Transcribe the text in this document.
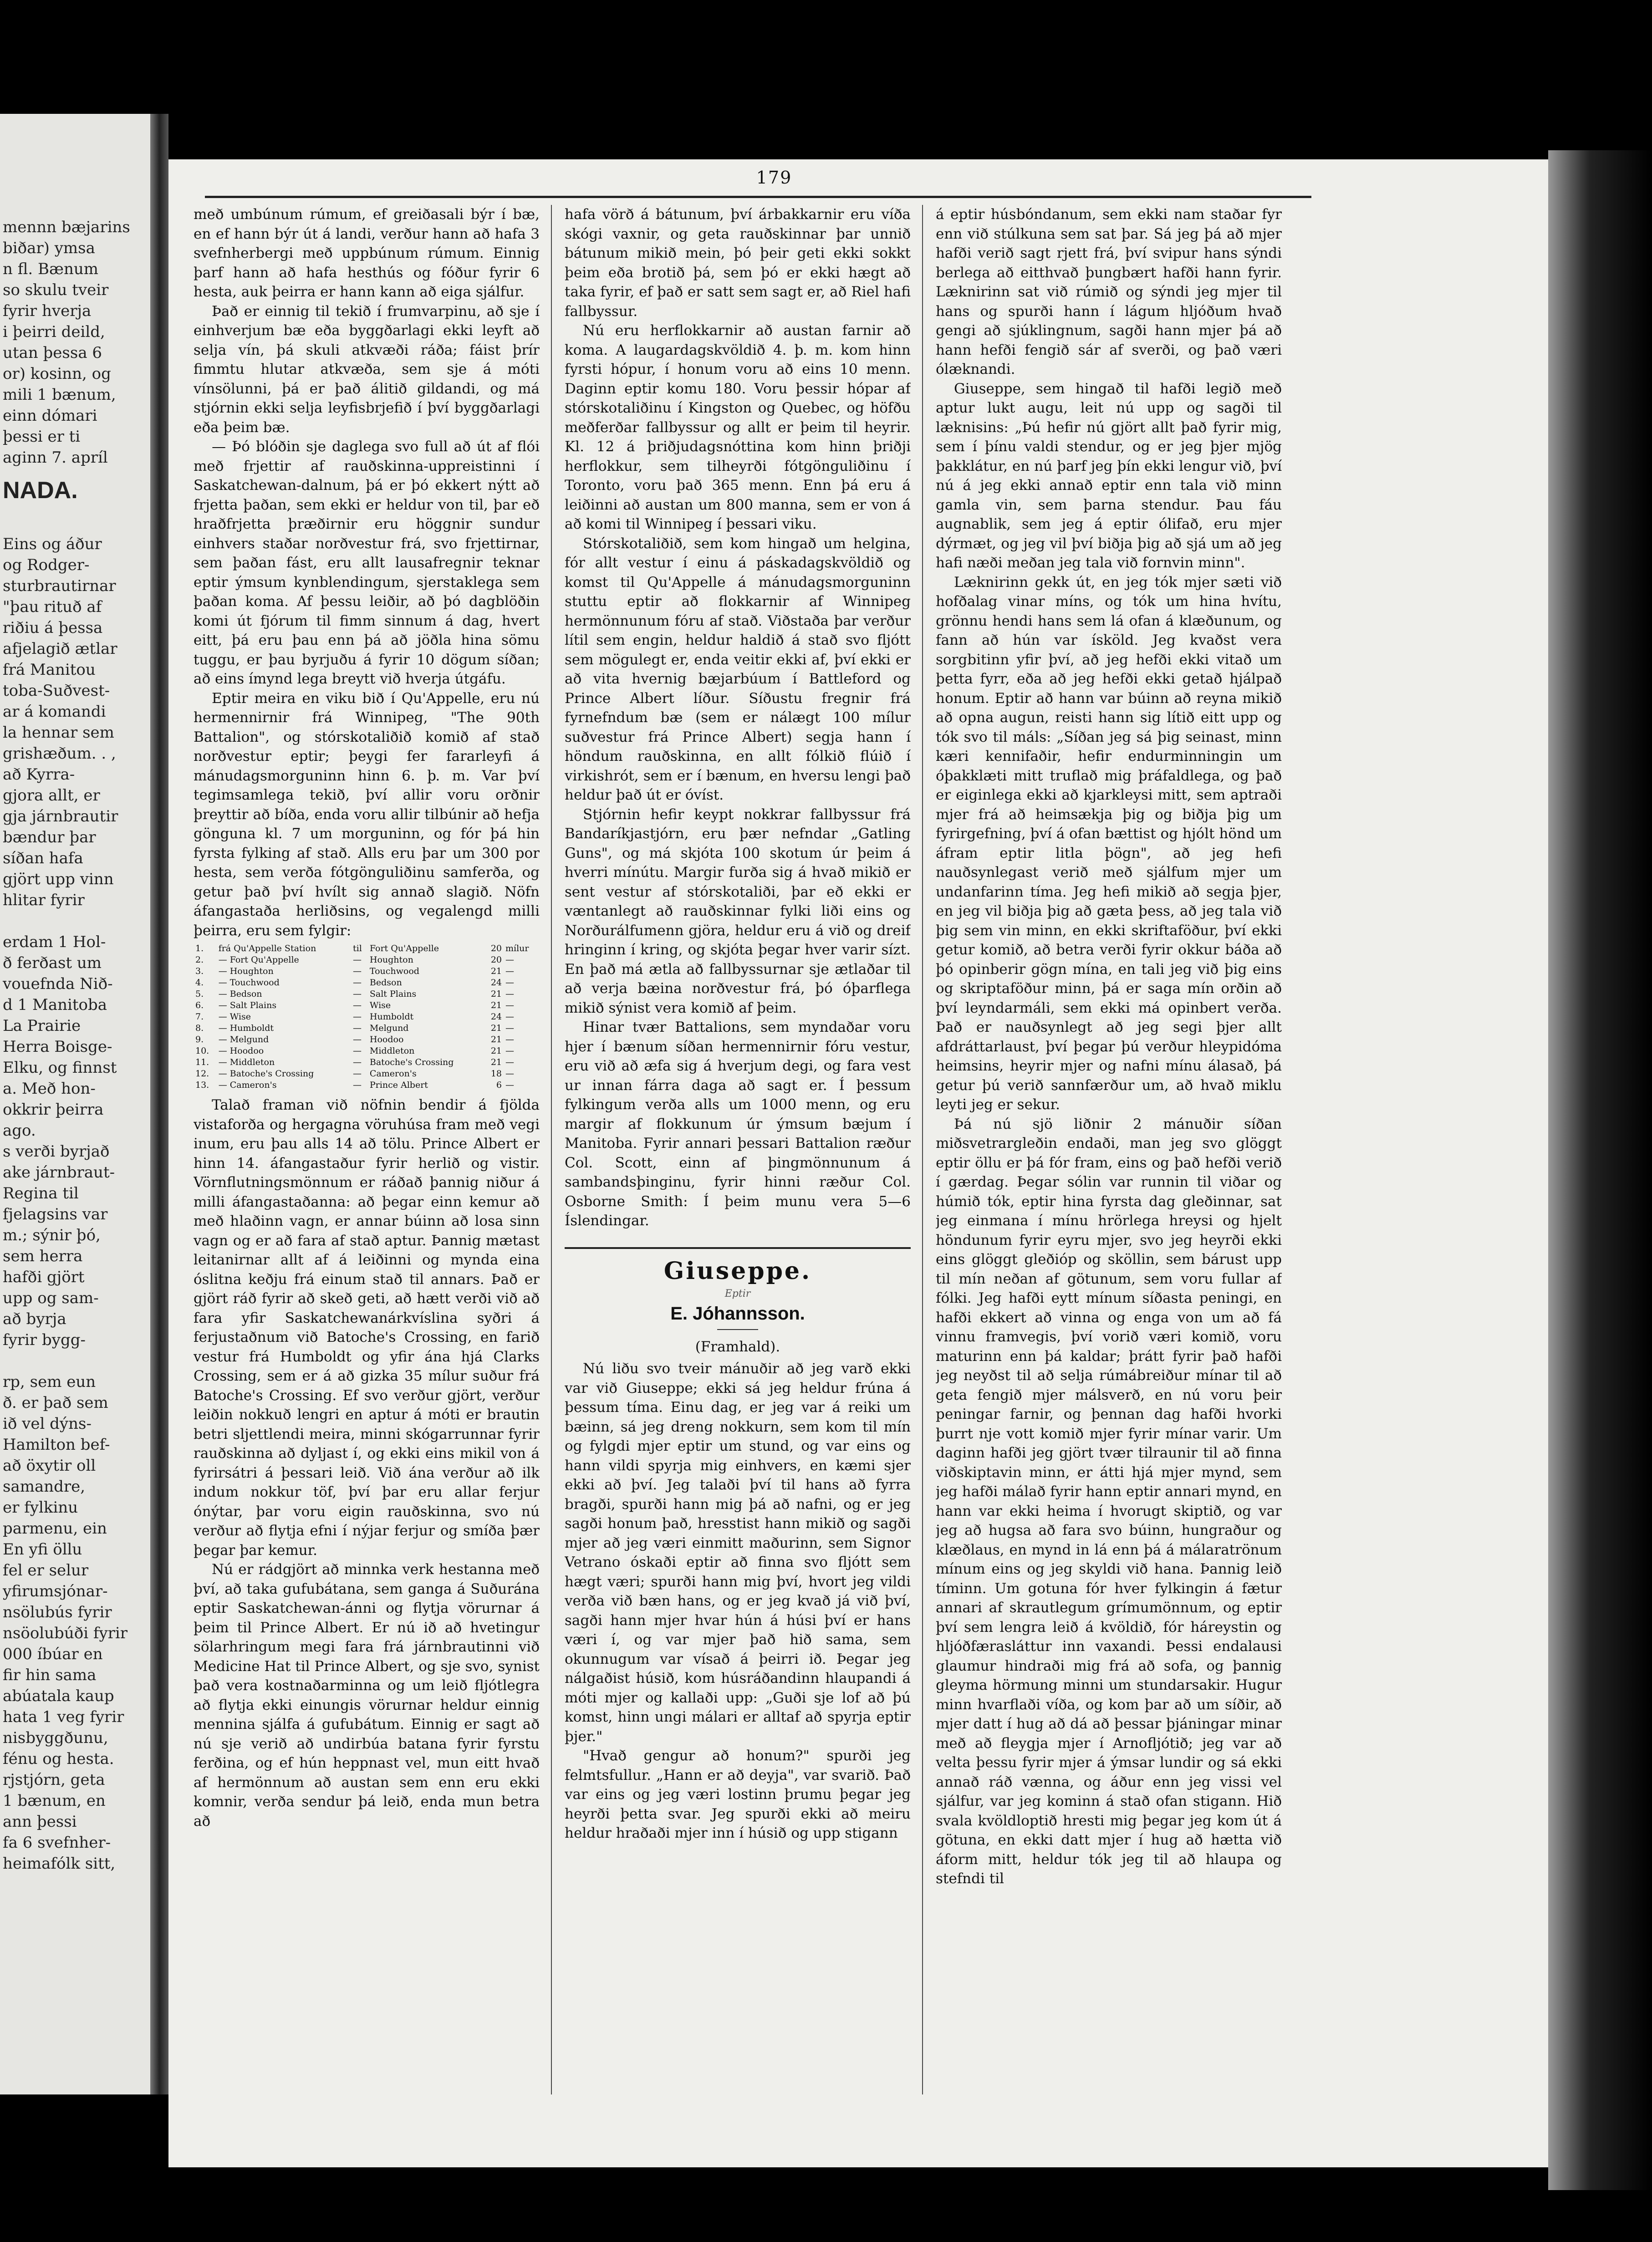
mennn bæjarins
biðar) ymsa
n fl. Bænum
so skulu tveir
fyrir hverja
i þeirri deild,
utan þessa 6
or) kosinn, og
mili 1 bænum,
einn dómari
þessi er ti
aginn 7. apríl

NADA.

Eins og áður
og Rodger-
sturbrautirnar
"þau rituð af
riðiu á þessa
afjelagið ætlar
frá Manitou
toba-Suðvest-
ar á komandi
la hennar sem
grishæðum. . ,
að Kyrra-
gjora allt, er
gja járnbrautir
bændur þar
síðan hafa
gjört upp vinn
hlitar fyrir

erdam 1 Hol-
ð ferðast um
vouefnda Nið-
d 1 Manitoba
La Prairie
Herra Boisge-
Elku, og finnst
a. Með hon-
okkrir þeirra
ago.
s verði byrjað
ake járnbraut-
Regina til
fjelagsins var
m.; sýnir þó,
sem herra
hafði gjört
upp og sam-
að byrja
fyrir bygg-

rp, sem eun
ð. er það sem
ið vel dýns-
Hamilton bef-
að öxytir oll
samandre,
er fylkinu
parmenu, ein
En yfi öllu
fel er selur
yfirumsjónar-
nsölubús fyrir
nsöolubúði fyrir
000 íbúar en
fir hin sama
abúatala kaup
hata 1 veg fyrir
nisbyggðunu,
fénu og hesta.
rjstjórn, geta
1 bænum, en
ann þessi
fa 6 svefnher-
heimafólk sitt,

179

með umbúnum rúmum, ef greiðasali býr í bæ, en ef hann býr út á landi, verður hann að hafa 3 svefnherbergi með uppbúnum rúmum. Einnig þarf hann að hafa hesthús og fóður fyrir 6 hesta, auk þeirra er hann kann að eiga sjálfur.

Það er einnig til tekið í frumvarpinu, að sje í einhverjum bæ eða byggðarlagi ekki leyft að selja vín, þá skuli atkvæði ráða; fáist þrír fimmtu hlutar atkvæða, sem sje á móti vínsölunni, þá er það álitið gildandi, og má stjórnin ekki selja leyfisbrjefið í því byggðarlagi eða þeim bæ.

— Þó blóðin sje daglega svo full að út af flói með frjettir af rauðskinna-uppreistinni í Saskatchewan-dalnum, þá er þó ekkert nýtt að frjetta þaðan, sem ekki er heldur von til, þar eð hraðfrjetta þræðirnir eru höggnir sundur einhvers staðar norðvestur frá, svo frjettirnar, sem þaðan fást, eru allt lausafregnir teknar eptir ýmsum kynblendingum, sjerstaklega sem þaðan koma. Af þessu leiðir, að þó dagblöðin komi út fjórum til fimm sinnum á dag, hvert eitt, þá eru þau enn þá að jöðla hina sömu tuggu, er þau byrjuðu á fyrir 10 dögum síðan; að eins ímynd lega breytt við hverja útgáfu.

Eptir meira en viku bið í Qu'Appelle, eru nú hermennirnir frá Winnipeg, "The 90th Battalion", og stórskotaliðið komið af stað norðvestur eptir; þeygi fer fararleyfi á mánudagsmorguninn hinn 6. þ. m. Var því tegimsamlega tekið, því allir voru orðnir þreyttir að bíða, enda voru allir tilbúnir að hefja gönguna kl. 7 um morguninn, og fór þá hin fyrsta fylking af stað. Alls eru þar um 300 por hesta, sem verða fótgönguliðinu samferða, og getur það því hvílt sig annað slagið. Nöfn áfangastaða herliðsins, og vegalengd milli þeirra, eru sem fylgir:

1.	frá Qu'Appelle Station	til	Fort Qu'Appelle	20	mílur
2.	— Fort Qu'Appelle	—	Houghton	20	—
3.	— Houghton	—	Touchwood	21	—
4.	— Touchwood	—	Bedson	24	—
5.	— Bedson	—	Salt Plains	21	—
6.	— Salt Plains	—	Wise	21	—
7.	— Wise	—	Humboldt	24	—
8.	— Humboldt	—	Melgund	21	—
9.	— Melgund	—	Hoodoo	21	—
10.	— Hoodoo	—	Middleton	21	—
11.	— Middleton	—	Batoche's Crossing	21	—
12.	— Batoche's Crossing	—	Cameron's	18	—
13.	— Cameron's	—	Prince Albert	6	—

Talað framan við nöfnin bendir á fjölda vistaforða og hergagna vöruhúsa fram með vegi inum, eru þau alls 14 að tölu. Prince Albert er hinn 14. áfangastaður fyrir herlið og vistir. Vörnflutningsmönnum er ráðað þannig niður á milli áfangastaðanna: að þegar einn kemur að með hlaðinn vagn, er annar búinn að losa sinn vagn og er að fara af stað aptur. Þannig mætast leitanirnar allt af á leiðinni og mynda eina óslitna keðju frá einum stað til annars. Það er gjört ráð fyrir að skeð geti, að hætt verði við að fara yfir Saskatchewanárkvíslina syðri á ferjustaðnum við Batoche's Crossing, en farið vestur frá Humboldt og yfir ána hjá Clarks Crossing, sem er á að gizka 35 mílur suður frá Batoche's Crossing. Ef svo verður gjört, verður leiðin nokkuð lengri en aptur á móti er brautin betri sljettlendi meira, minni skógarrunnar fyrir rauðskinna að dyljast í, og ekki eins mikil von á fyrirsátri á þessari leið. Við ána verður að ilk indum nokkur töf, því þar eru allar ferjur ónýtar, þar voru eigin rauðskinna, svo nú verður að flytja efni í nýjar ferjur og smíða þær þegar þar kemur.

Nú er rádgjört að minnka verk hestanna með því, að taka gufubátana, sem ganga á Suðurána eptir Saskatchewan-ánni og flytja vörurnar á þeim til Prince Albert. Er nú ið að hvetingur sölarhringum megi fara frá járnbrautinni við Medicine Hat til Prince Albert, og sje svo, synist það vera kostnaðarminna og um leið fljótlegra að flytja ekki einungis vörurnar heldur einnig mennina sjálfa á gufubátum. Einnig er sagt að nú sje verið að undirbúa batana fyrir fyrstu ferðina, og ef hún heppnast vel, mun eitt hvað af hermönnum að austan sem enn eru ekki komnir, verða sendur þá leið, enda mun betra að

hafa vörð á bátunum, því árbakkarnir eru víða skógi vaxnir, og geta rauðskinnar þar unnið bátunum mikið mein, þó þeir geti ekki sokkt þeim eða brotið þá, sem þó er ekki hægt að taka fyrir, ef það er satt sem sagt er, að Riel hafi fallbyssur.

Nú eru herflokkarnir að austan farnir að koma. A laugardagskvöldið 4. þ. m. kom hinn fyrsti hópur, í honum voru að eins 10 menn. Daginn eptir komu 180. Voru þessir hópar af stórskotaliðinu í Kingston og Quebec, og höfðu meðferðar fallbyssur og allt er þeim til heyrir. Kl. 12 á þriðjudagsnóttina kom hinn þriðji herflokkur, sem tilheyrði fótgönguliðinu í Toronto, voru það 365 menn. Enn þá eru á leiðinni að austan um 800 manna, sem er von á að komi til Winnipeg í þessari viku.

Stórskotaliðið, sem kom hingað um helgina, fór allt vestur í einu á páskadagskvöldið og komst til Qu'Appelle á mánudagsmorguninn stuttu eptir að flokkarnir af Winnipeg hermönnunum fóru af stað. Viðstaða þar verður lítil sem engin, heldur haldið á stað svo fljótt sem mögulegt er, enda veitir ekki af, því ekki er að vita hvernig bæjarbúum í Battleford og Prince Albert líður. Síðustu fregnir frá fyrnefndum bæ (sem er nálægt 100 mílur suðvestur frá Prince Albert) segja hann í höndum rauðskinna, en allt fólkið flúið í virkishrót, sem er í bænum, en hversu lengi það heldur það út er óvíst.

Stjórnin hefir keypt nokkrar fallbyssur frá Bandaríkjastjórn, eru þær nefndar „Gatling Guns", og má skjóta 100 skotum úr þeim á hverri mínútu. Margir furða sig á hvað mikið er sent vestur af stórskotaliði, þar eð ekki er væntanlegt að rauðskinnar fylki liði eins og Norðurálfumenn gjöra, heldur eru á við og dreif hringinn í kring, og skjóta þegar hver varir sízt. En það má ætla að fallbyssurnar sje ætlaðar til að verja bæina norðvestur frá, þó óþarflega mikið sýnist vera komið af þeim.

Hinar tvær Battalions, sem myndaðar voru hjer í bænum síðan hermennirnir fóru vestur, eru við að æfa sig á hverjum degi, og fara vest ur innan fárra daga að sagt er. Í þessum fylkingum verða alls um 1000 menn, og eru margir af flokkunum úr ýmsum bæjum í Manitoba. Fyrir annari þessari Battalion ræður Col. Scott, einn af þingmönnunum á sambandsþinginu, fyrir hinni ræður Col. Osborne Smith: Í þeim munu vera 5—6 Íslendingar.

Giuseppe.
Eptir
E. Jóhannsson.

(Framhald).

Nú liðu svo tveir mánuðir að jeg varð ekki var við Giuseppe; ekki sá jeg heldur frúna á þessum tíma. Einu dag, er jeg var á reiki um bæinn, sá jeg dreng nokkurn, sem kom til mín og fylgdi mjer eptir um stund, og var eins og hann vildi spyrja mig einhvers, en kæmi sjer ekki að því. Jeg talaði því til hans að fyrra bragði, spurði hann mig þá að nafni, og er jeg sagði honum það, hresstist hann mikið og sagði mjer að jeg væri einmitt maðurinn, sem Signor Vetrano óskaði eptir að finna svo fljótt sem hægt væri; spurði hann mig því, hvort jeg vildi verða við bæn hans, og er jeg kvað já við því, sagði hann mjer hvar hún á húsi því er hans væri í, og var mjer það hið sama, sem okunnugum var vísað á þeirri ið. Þegar jeg nálgaðist húsið, kom húsráðandinn hlaupandi á móti mjer og kallaði upp: „Guði sje lof að þú komst, hinn ungi málari er alltaf að spyrja eptir þjer."

"Hvað gengur að honum?" spurði jeg felmtsfullur. „Hann er að deyja", var svarið. Það var eins og jeg væri lostinn þrumu þegar jeg heyrði þetta svar. Jeg spurði ekki að meiru heldur hraðaði mjer inn í húsið og upp stigann

á eptir húsbóndanum, sem ekki nam staðar fyr enn við stúlkuna sem sat þar. Sá jeg þá að mjer hafði verið sagt rjett frá, því svipur hans sýndi berlega að eitthvað þungbært hafði hann fyrir. Læknirinn sat við rúmið og sýndi jeg mjer til hans og spurði hann í lágum hljóðum hvað gengi að sjúklingnum, sagði hann mjer þá að hann hefði fengið sár af sverði, og það væri ólæknandi.

Giuseppe, sem hingað til hafði legið með aptur lukt augu, leit nú upp og sagði til læknisins: „Þú hefir nú gjört allt það fyrir mig, sem í þínu valdi stendur, og er jeg þjer mjög þakklátur, en nú þarf jeg þín ekki lengur við, því nú á jeg ekki annað eptir enn tala við minn gamla vin, sem þarna stendur. Þau fáu augnablik, sem jeg á eptir ólifað, eru mjer dýrmæt, og jeg vil því biðja þig að sjá um að jeg hafi næði meðan jeg tala við fornvin minn".

Læknirinn gekk út, en jeg tók mjer sæti við hofðalag vinar míns, og tók um hina hvítu, grönnu hendi hans sem lá ofan á klæðunum, og fann að hún var ísköld. Jeg kvaðst vera sorgbitinn yfir því, að jeg hefði ekki vitað um þetta fyrr, eða að jeg hefði ekki getað hjálpað honum. Eptir að hann var búinn að reyna mikið að opna augun, reisti hann sig lítið eitt upp og tók svo til máls: „Síðan jeg sá þig seinast, minn kæri kennifaðir, hefir endurminningin um óþakklæti mitt truflað mig þráfaldlega, og það er eiginlega ekki að kjarkleysi mitt, sem aptraði mjer frá að heimsækja þig og biðja þig um fyrirgefning, því á ofan bættist og hjólt hönd um áfram eptir litla þögn", að jeg hefi nauðsynlegast verið með sjálfum mjer um undanfarinn tíma. Jeg hefi mikið að segja þjer, en jeg vil biðja þig að gæta þess, að jeg tala við þig sem vin minn, en ekki skriftaföður, því ekki getur komið, að betra verði fyrir okkur báða að þó opinberir gögn mína, en tali jeg við þig eins og skriptaföður minn, þá er saga mín orðin að því leyndarmáli, sem ekki má opinbert verða. Það er nauðsynlegt að jeg segi þjer allt afdráttarlaust, því þegar þú verður hleypidóma heimsins, heyrir mjer og nafni mínu álasað, þá getur þú verið sannfærður um, að hvað miklu leyti jeg er sekur.

Þá nú sjö liðnir 2 mánuðir síðan miðsvetrargleðin endaði, man jeg svo glöggt eptir öllu er þá fór fram, eins og það hefði verið í gærdag. Þegar sólin var runnin til viðar og húmið tók, eptir hina fyrsta dag gleðinnar, sat jeg einmana í mínu hrörlega hreysi og hjelt höndunum fyrir eyru mjer, svo jeg heyrði ekki eins glöggt gleðióp og sköllin, sem bárust upp til mín neðan af götunum, sem voru fullar af fólki. Jeg hafði eytt mínum síðasta peningi, en hafði ekkert að vinna og enga von um að fá vinnu framvegis, því vorið væri komið, voru maturinn enn þá kaldar; þrátt fyrir það hafði jeg neyðst til að selja rúmábreiður mínar til að geta fengið mjer málsverð, en nú voru þeir peningar farnir, og þennan dag hafði hvorki þurrt nje vott komið mjer fyrir mínar varir. Um daginn hafði jeg gjört tvær tilraunir til að finna viðskiptavin minn, er átti hjá mjer mynd, sem jeg hafði málað fyrir hann eptir annari mynd, en hann var ekki heima í hvorugt skiptið, og var jeg að hugsa að fara svo búinn, hungraður og klæðlaus, en mynd in lá enn þá á málaratrönum mínum eins og jeg skyldi við hana. Þannig leið tíminn. Um gotuna fór hver fylkingin á fætur annari af skrautlegum grímumönnum, og eptir því sem lengra leið á kvöldið, fór háreystin og hljóðfærasláttur inn vaxandi. Þessi endalausi glaumur hindraði mig frá að sofa, og þannig gleyma hörmung minni um stundarsakir. Hugur minn hvarflaði víða, og kom þar að um síðir, að mjer datt í hug að dá að þessar þjáningar minar með að fleygja mjer í Arnofljótið; jeg var að velta þessu fyrir mjer á ýmsar lundir og sá ekki annað ráð vænna, og áður enn jeg vissi vel sjálfur, var jeg kominn á stað ofan stigann. Hið svala kvöldloptið hresti mig þegar jeg kom út á götuna, en ekki datt mjer í hug að hætta við áform mitt, heldur tók jeg til að hlaupa og stefndi til
